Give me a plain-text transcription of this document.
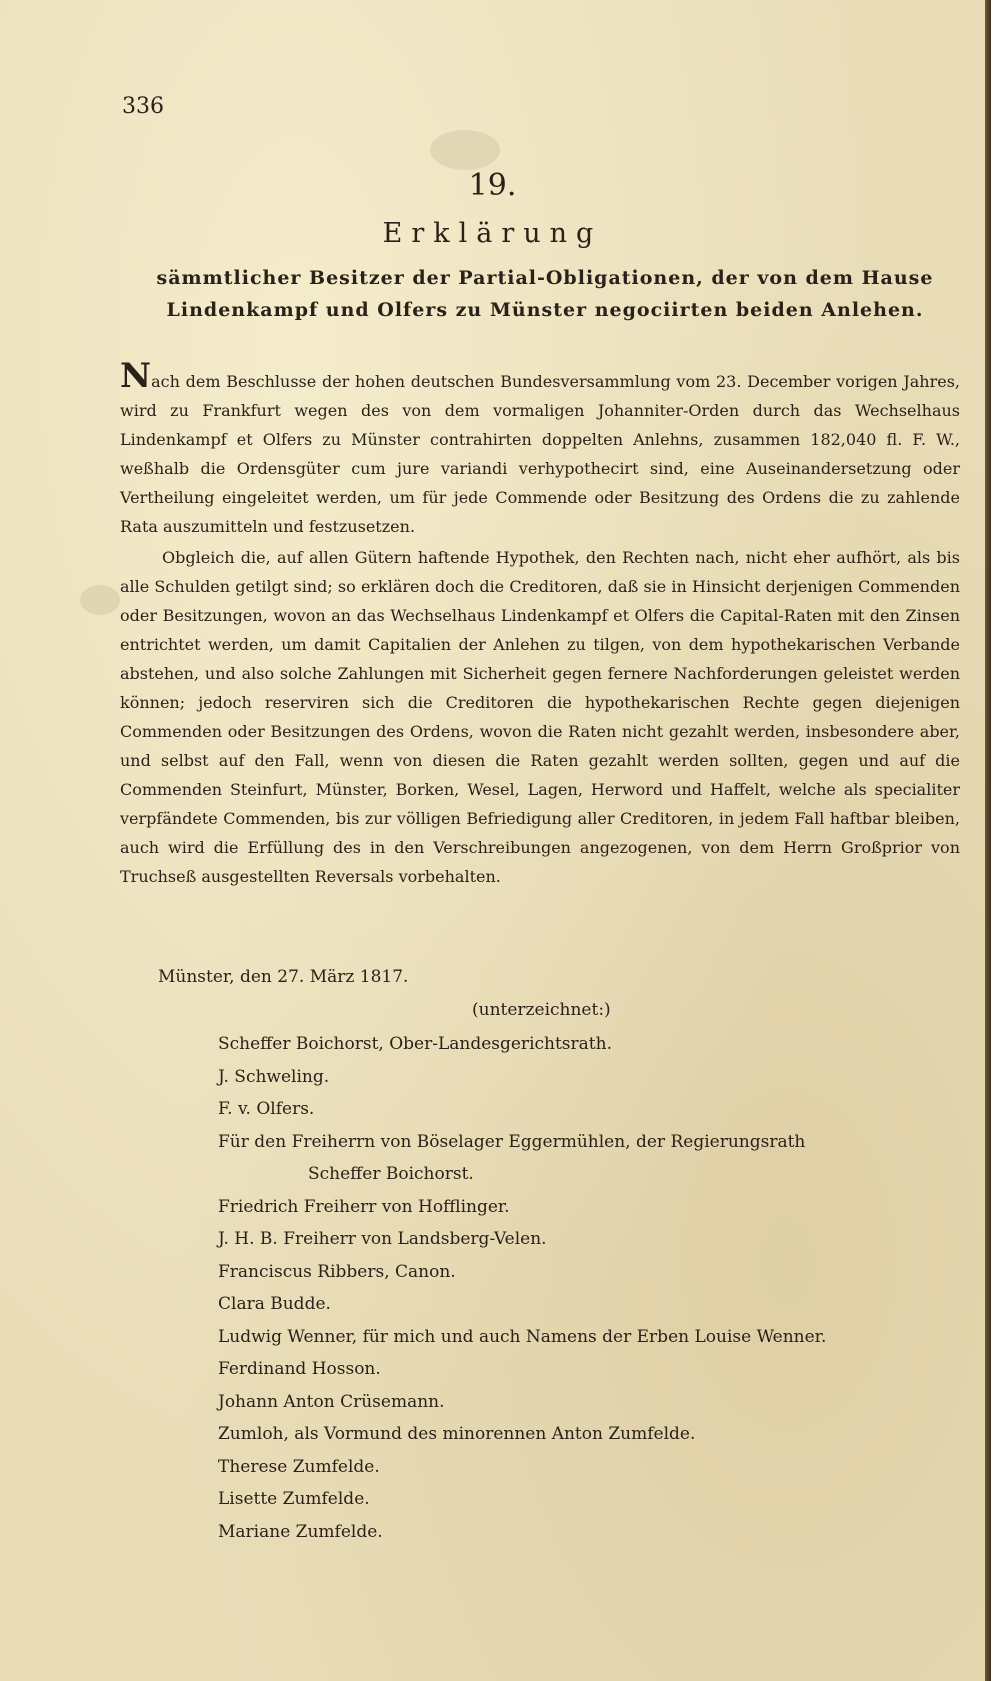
336
19.
Erklärung
sämmtlicher Besitzer der Partial-Obligationen, der von dem Hause Lindenkampf und Olfers zu Münster negociirten beiden Anlehen.

Nach dem Beschlusse der hohen deutschen Bundesversammlung vom 23. December vorigen Jahres, wird zu Frankfurt wegen des von dem vormaligen Johanniter-Orden durch das Wechselhaus Lindenkampf et Olfers zu Münster contrahirten doppelten Anlehns, zusammen 182,040 fl. F. W., weßhalb die Ordensgüter cum jure variandi verhypothecirt sind, eine Auseinandersetzung oder Vertheilung eingeleitet werden, um für jede Commende oder Besitzung des Ordens die zu zahlende Rata auszumitteln und festzusetzen.

Obgleich die, auf allen Gütern haftende Hypothek, den Rechten nach, nicht eher aufhört, als bis alle Schulden getilgt sind; so erklären doch die Creditoren, daß sie in Hinsicht derjenigen Commenden oder Besitzungen, wovon an das Wechselhaus Lindenkampf et Olfers die Capital-Raten mit den Zinsen entrichtet werden, um damit Capitalien der Anlehen zu tilgen, von dem hypothekarischen Verbande abstehen, und also solche Zahlungen mit Sicherheit gegen fernere Nachforderungen geleistet werden können; jedoch reserviren sich die Creditoren die hypothekarischen Rechte gegen diejenigen Commenden oder Besitzungen des Ordens, wovon die Raten nicht gezahlt werden, insbesondere aber, und selbst auf den Fall, wenn von diesen die Raten gezahlt werden sollten, gegen und auf die Commenden Steinfurt, Münster, Borken, Wesel, Lagen, Herword und Haffelt, welche als specialiter verpfändete Commenden, bis zur völligen Befriedigung aller Creditoren, in jedem Fall haftbar bleiben, auch wird die Erfüllung des in den Verschreibungen angezogenen, von dem Herrn Großprior von Truchseß ausgestellten Reversals vorbehalten.

Münster, den 27. März 1817.
(unterzeichnet:)
Scheffer Boichorst, Ober-Landesgerichtsrath.
J. Schweling.
F. v. Olfers.
Für den Freiherrn von Böselager Eggermühlen, der Regierungsrath
Scheffer Boichorst.
Friedrich Freiherr von Hofflinger.
J. H. B. Freiherr von Landsberg-Velen.
Franciscus Ribbers, Canon.
Clara Budde.
Ludwig Wenner, für mich und auch Namens der Erben Louise Wenner.
Ferdinand Hosson.
Johann Anton Crüsemann.
Zumloh, als Vormund des minorennen Anton Zumfelde.
Therese Zumfelde.
Lisette Zumfelde.
Mariane Zumfelde.
